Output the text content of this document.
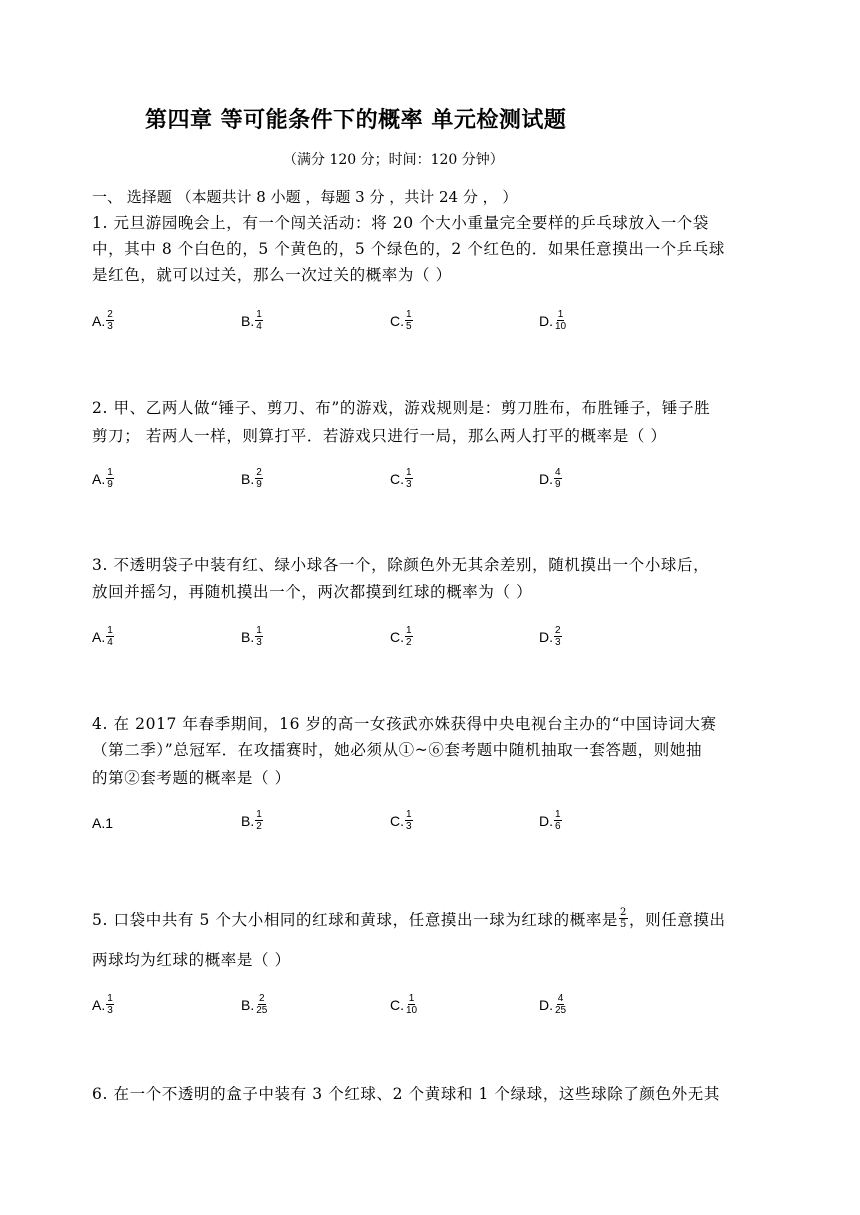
第四章 等可能条件下的概率 单元检测试题
（满分 120 分；时间：120 分钟）
一、 选择题 （本题共计 8 小题 ，每题 3 分 ，共计 24 分 ， ）
1. 元旦游园晚会上，有一个闯关活动：将 20 个大小重量完全要样的乒乓球放入一个袋
中，其中 8 个白色的，5 个黄色的，5 个绿色的，2 个红色的．如果任意摸出一个乒乓球
是红色，就可以过关，那么一次过关的概率为（ ）
A. $\frac{2}{3}$	B. $\frac{1}{4}$	C. $\frac{1}{5}$	D. $\frac{1}{10}$
2. 甲、乙两人做“锤子、剪刀、布”的游戏，游戏规则是：剪刀胜布，布胜锤子，锤子胜
剪刀； 若两人一样，则算打平．若游戏只进行一局，那么两人打平的概率是（ ）
A. $\frac{1}{9}$	B. $\frac{2}{9}$	C. $\frac{1}{3}$	D. $\frac{4}{9}$
3. 不透明袋子中装有红、绿小球各一个，除颜色外无其余差别，随机摸出一个小球后，
放回并摇匀，再随机摸出一个，两次都摸到红球的概率为（ ）
A. $\frac{1}{4}$	B. $\frac{1}{3}$	C. $\frac{1}{2}$	D. $\frac{2}{3}$
4. 在 2017 年春季期间，16 岁的高一女孩武亦姝获得中央电视台主办的“中国诗词大赛
（第二季）”总冠军．在攻擂赛时，她必须从①~⑥套考题中随机抽取一套答题，则她抽
的第②套考题的概率是（ ）
A.1	B. $\frac{1}{2}$	C. $\frac{1}{3}$	D. $\frac{1}{6}$
5. 口袋中共有 5 个大小相同的红球和黄球，任意摸出一球为红球的概率是 $\frac{2}{5}$ ，则任意摸出
两球均为红球的概率是（ ）
A. $\frac{1}{3}$	B. $\frac{2}{25}$	C. $\frac{1}{10}$	D. $\frac{4}{25}$
6. 在一个不透明的盒子中装有 3 个红球、2 个黄球和 1 个绿球，这些球除了颜色外无其
